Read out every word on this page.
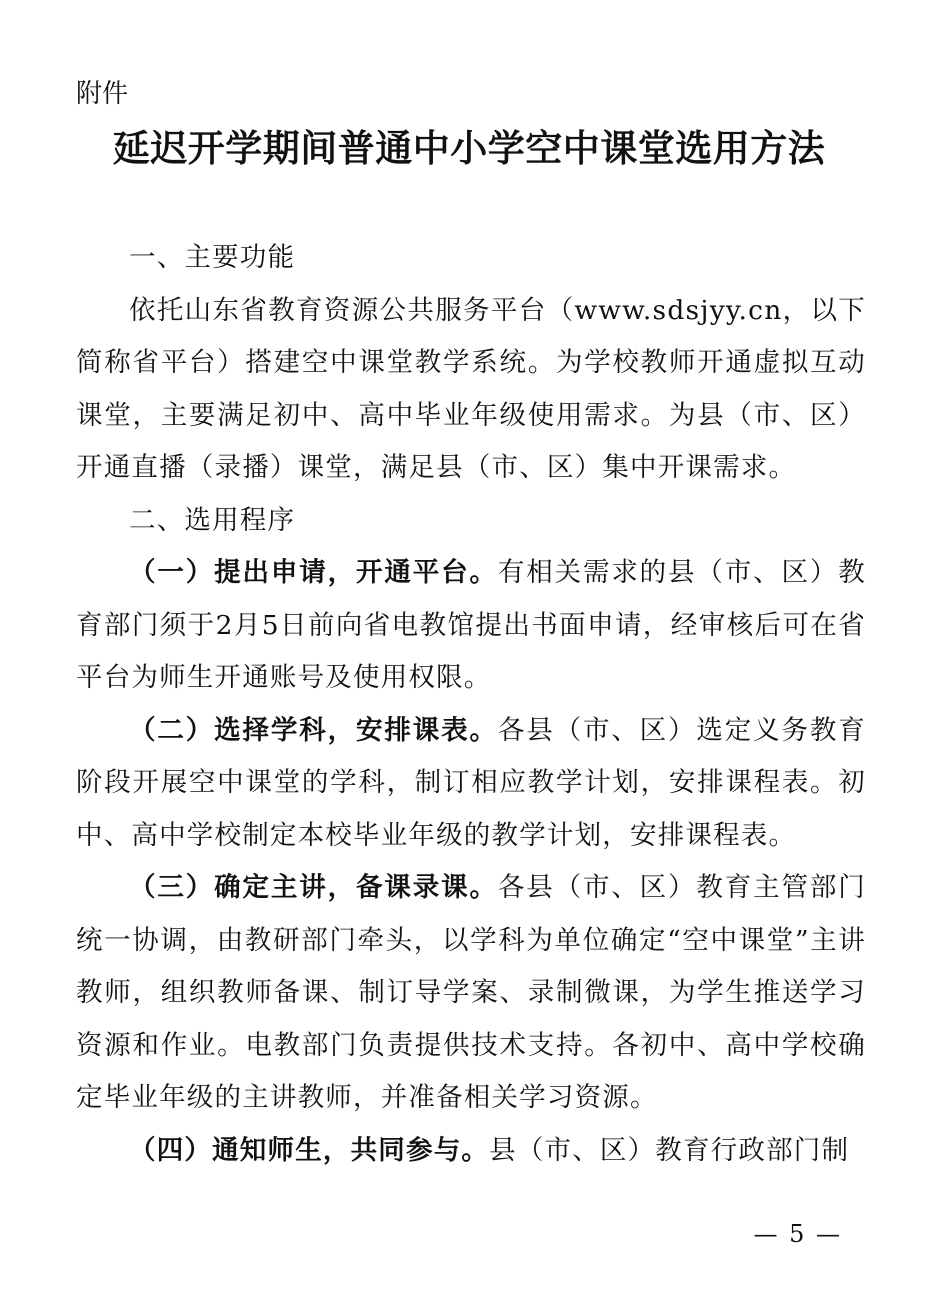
附件
延迟开学期间普通中小学空中课堂选用方法

一、主要功能

依托山东省教育资源公共服务平台（www.sdsjyy.cn，以下简称省平台）搭建空中课堂教学系统。为学校教师开通虚拟互动课堂，主要满足初中、高中毕业年级使用需求。为县（市、区）开通直播（录播）课堂，满足县（市、区）集中开课需求。

二、选用程序

（一）提出申请，开通平台。有相关需求的县（市、区）教育部门须于2月5日前向省电教馆提出书面申请，经审核后可在省平台为师生开通账号及使用权限。

（二）选择学科，安排课表。各县（市、区）选定义务教育阶段开展空中课堂的学科，制订相应教学计划，安排课程表。初中、高中学校制定本校毕业年级的教学计划，安排课程表。

（三）确定主讲，备课录课。各县（市、区）教育主管部门统一协调，由教研部门牵头，以学科为单位确定“空中课堂”主讲教师，组织教师备课、制订导学案、录制微课，为学生推送学习资源和作业。电教部门负责提供技术支持。各初中、高中学校确定毕业年级的主讲教师，并准备相关学习资源。

（四）通知师生，共同参与。县（市、区）教育行政部门制

— 5 —
